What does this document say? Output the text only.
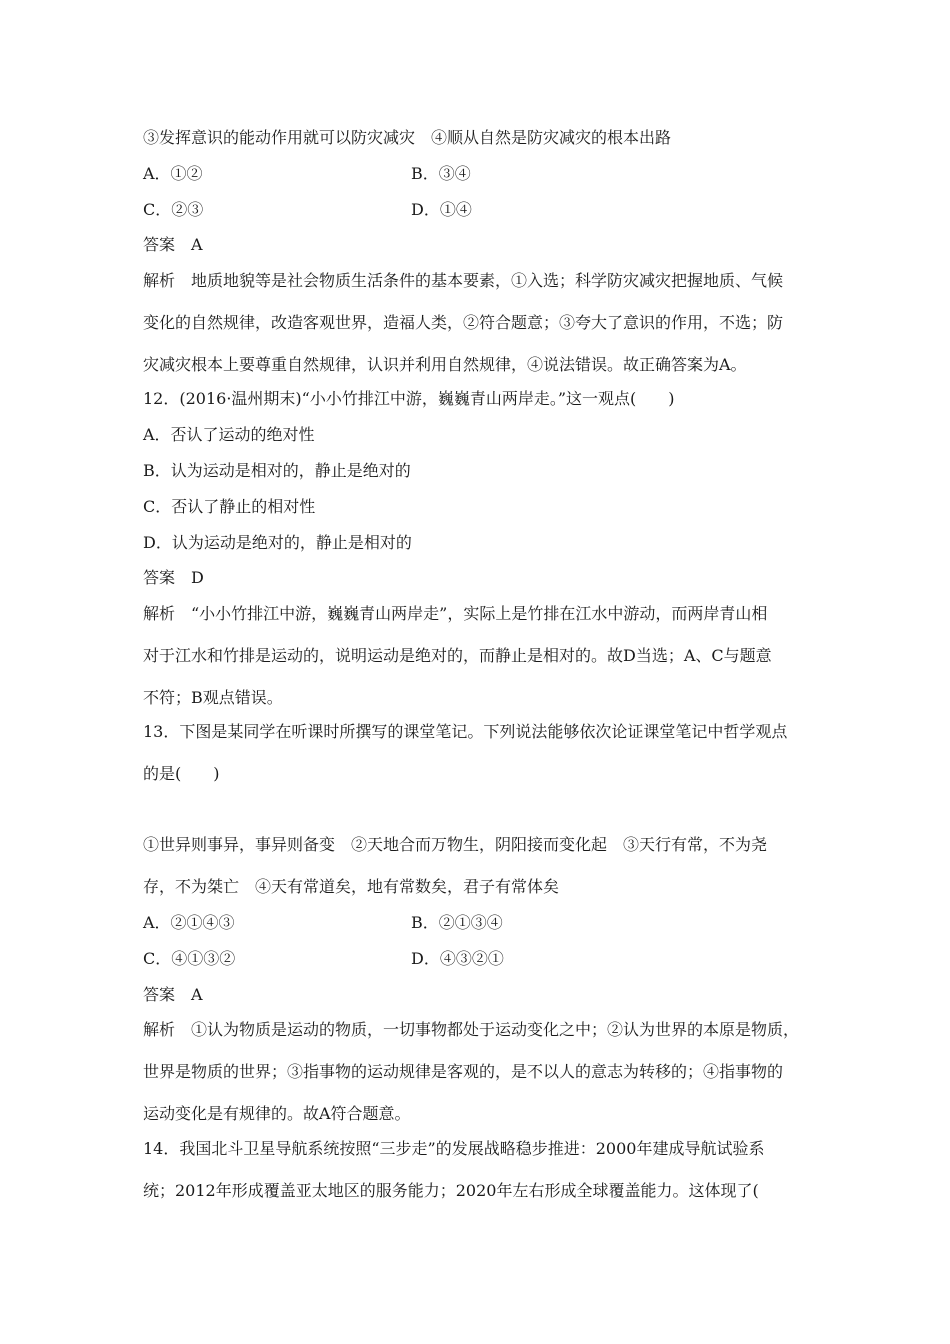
③发挥意识的能动作用就可以防灾减灾　④顺从自然是防灾减灾的根本出路
A．①②	B．③④
C．②③	D．①④
答案　A
解析　地质地貌等是社会物质生活条件的基本要素，①入选；科学防灾减灾把握地质、气候
变化的自然规律，改造客观世界，造福人类，②符合题意；③夸大了意识的作用，不选；防
灾减灾根本上要尊重自然规律，认识并利用自然规律，④说法错误。故正确答案为A。
12．(2016·温州期末)“小小竹排江中游，巍巍青山两岸走。”这一观点(　　)
A．否认了运动的绝对性
B．认为运动是相对的，静止是绝对的
C．否认了静止的相对性
D．认为运动是绝对的，静止是相对的
答案　D
解析　“小小竹排江中游，巍巍青山两岸走”，实际上是竹排在江水中游动，而两岸青山相
对于江水和竹排是运动的，说明运动是绝对的，而静止是相对的。故D当选；A、C与题意
不符；B观点错误。
13．下图是某同学在听课时所撰写的课堂笔记。下列说法能够依次论证课堂笔记中哲学观点
的是(　　)
①世异则事异，事异则备变　②天地合而万物生，阴阳接而变化起　③天行有常，不为尧
存，不为桀亡　④天有常道矣，地有常数矣，君子有常体矣
A．②①④③	B．②①③④
C．④①③②	D．④③②①
答案　A
解析　①认为物质是运动的物质，一切事物都处于运动变化之中；②认为世界的本原是物质，
世界是物质的世界；③指事物的运动规律是客观的，是不以人的意志为转移的；④指事物的
运动变化是有规律的。故A符合题意。
14．我国北斗卫星导航系统按照“三步走”的发展战略稳步推进：2000年建成导航试验系
统；2012年形成覆盖亚太地区的服务能力；2020年左右形成全球覆盖能力。这体现了(
